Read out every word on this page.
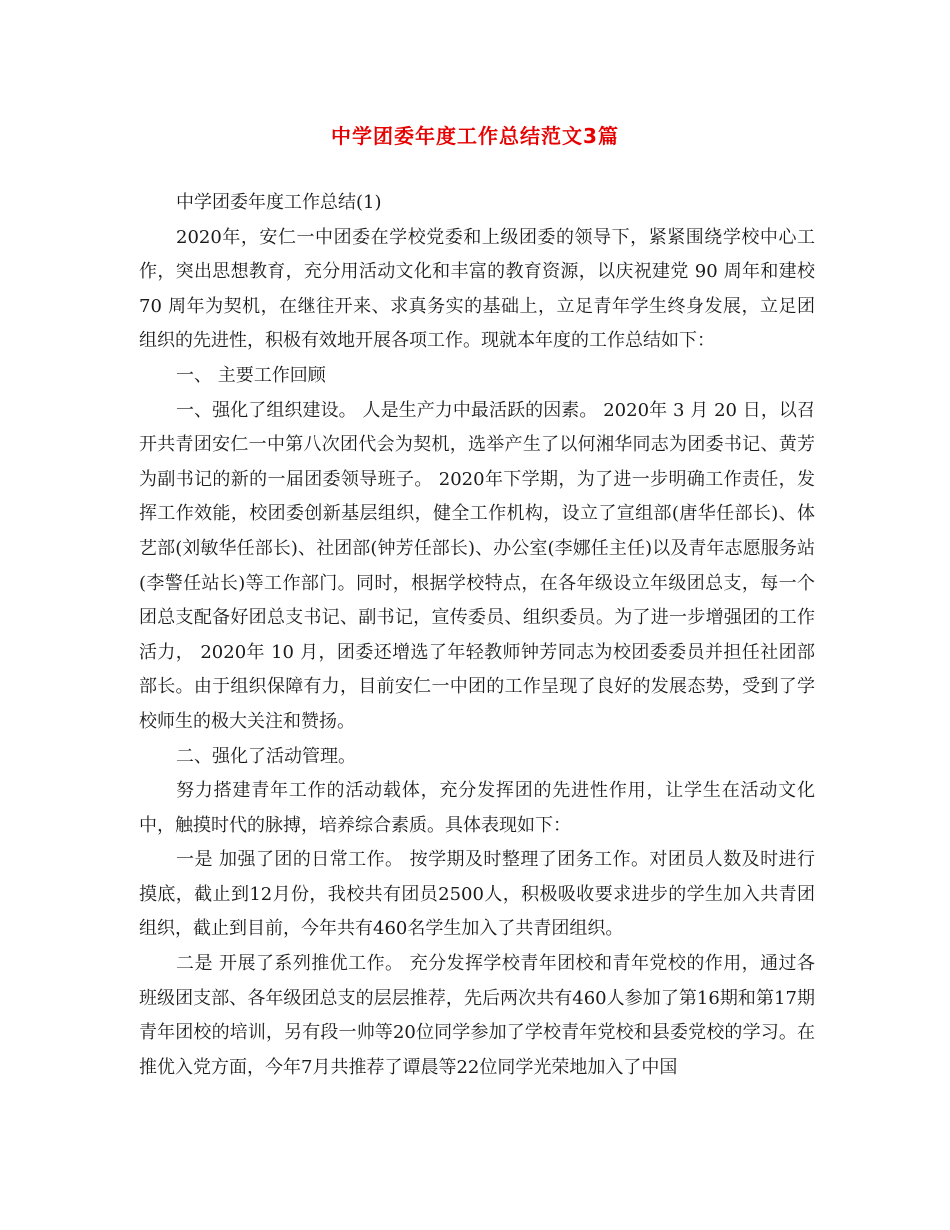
中学团委年度工作总结范文3篇

中学团委年度工作总结(1)

2020年，安仁一中团委在学校党委和上级团委的领导下，紧紧围绕学校中心工作，突出思想教育，充分用活动文化和丰富的教育资源，以庆祝建党 90 周年和建校 70 周年为契机，在继往开来、求真务实的基础上，立足青年学生终身发展，立足团组织的先进性，积极有效地开展各项工作。现就本年度的工作总结如下：

一、 主要工作回顾

一、强化了组织建设。 人是生产力中最活跃的因素。 2020年 3 月 20 日，以召开共青团安仁一中第八次团代会为契机，选举产生了以何湘华同志为团委书记、黄芳为副书记的新的一届团委领导班子。 2020年下学期，为了进一步明确工作责任，发挥工作效能，校团委创新基层组织，健全工作机构，设立了宣组部(唐华任部长)、体艺部(刘敏华任部长)、社团部(钟芳任部长)、办公室(李娜任主任)以及青年志愿服务站(李警任站长)等工作部门。同时，根据学校特点，在各年级设立年级团总支，每一个团总支配备好团总支书记、副书记，宣传委员、组织委员。为了进一步增强团的工作活力， 2020年 10 月，团委还增选了年轻教师钟芳同志为校团委委员并担任社团部部长。由于组织保障有力，目前安仁一中团的工作呈现了良好的发展态势，受到了学校师生的极大关注和赞扬。

二、强化了活动管理。

努力搭建青年工作的活动载体，充分发挥团的先进性作用，让学生在活动文化中，触摸时代的脉搏，培养综合素质。具体表现如下：

一是 加强了团的日常工作。 按学期及时整理了团务工作。对团员人数及时进行摸底，截止到12月份，我校共有团员2500人，积极吸收要求进步的学生加入共青团组织，截止到目前，今年共有460名学生加入了共青团组织。

二是 开展了系列推优工作。 充分发挥学校青年团校和青年党校的作用，通过各班级团支部、各年级团总支的层层推荐，先后两次共有460人参加了第16期和第17期青年团校的培训，另有段一帅等20位同学参加了学校青年党校和县委党校的学习。在推优入党方面，今年7月共推荐了谭晨等22位同学光荣地加入了中国
